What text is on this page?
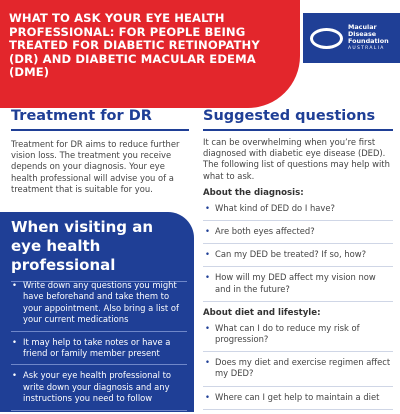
WHAT TO ASK YOUR EYE HEALTH PROFESSIONAL: FOR PEOPLE BEING TREATED FOR DIABETIC RETINOPATHY (DR) AND DIABETIC MACULAR EDEMA (DME)
Macular
Disease
Foundation
AUSTRALIA
Treatment for DR

Treatment for DR aims to reduce further vision loss. The treatment you receive depends on your diagnosis. Your eye health professional will advise you of a treatment that is suitable for you.

When visiting an eye health professional
• Write down any questions you might have beforehand and take them to your appointment. Also bring a list of your current medications
• It may help to take notes or have a friend or family member present
• Ask your eye health professional to write down your diagnosis and any instructions you need to follow
Suggested questions

It can be overwhelming when you’re first diagnosed with diabetic eye disease (DED). The following list of questions may help with what to ask.

About the diagnosis:
• What kind of DED do I have?
• Are both eyes affected?
• Can my DED be treated? If so, how?
• How will my DED affect my vision now and in the future?
About diet and lifestyle:
• What can I do to reduce my risk of progression?
• Does my diet and exercise regimen affect my DED?
• Where can I get help to maintain a diet
